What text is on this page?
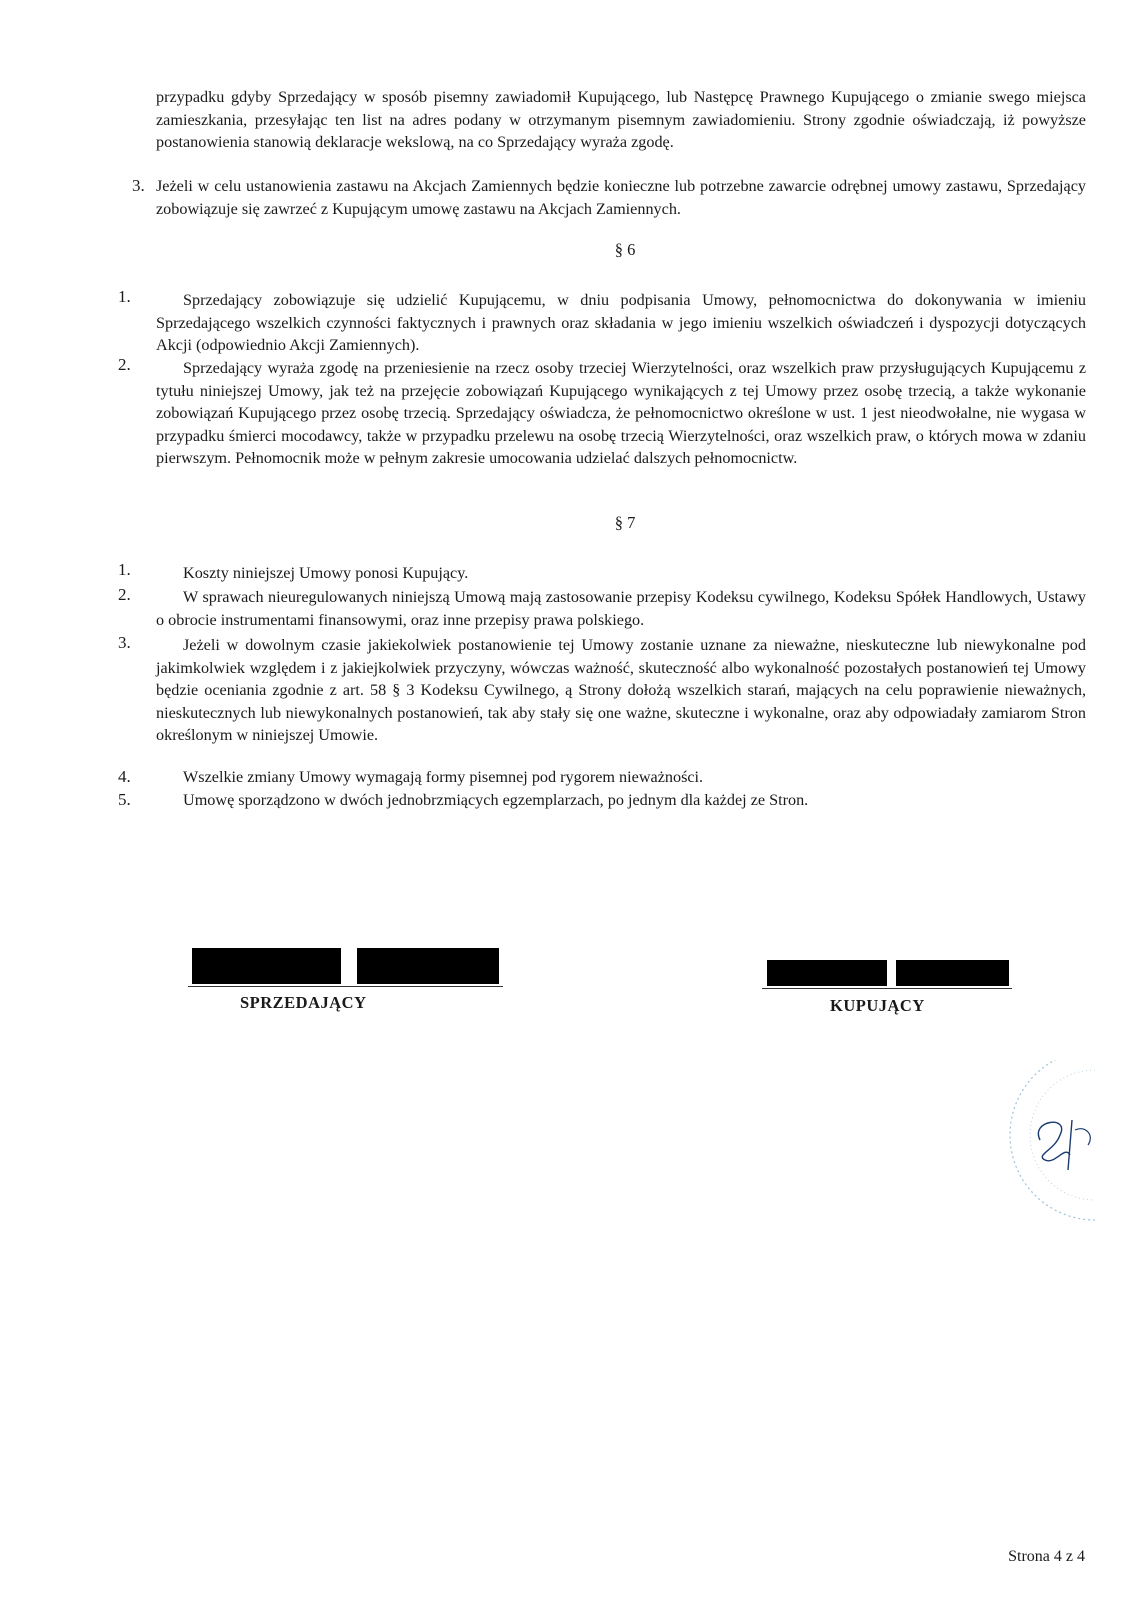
przypadku gdyby Sprzedający w sposób pisemny zawiadomił Kupującego, lub Następcę Prawnego Kupującego o zmianie swego miejsca zamieszkania, przesyłając ten list na adres podany w otrzymanym pisemnym zawiadomieniu. Strony zgodnie oświadczają, iż powyższe postanowienia stanowią deklaracje wekslową, na co Sprzedający wyraża zgodę.
3. Jeżeli w celu ustanowienia zastawu na Akcjach Zamiennych będzie konieczne lub potrzebne zawarcie odrębnej umowy zastawu, Sprzedający zobowiązuje się zawrzeć z Kupującym umowę zastawu na Akcjach Zamiennych.
§ 6
1.	Sprzedający zobowiązuje się udzielić Kupującemu, w dniu podpisania Umowy, pełnomocnictwa do dokonywania w imieniu Sprzedającego wszelkich czynności faktycznych i prawnych oraz składania w jego imieniu wszelkich oświadczeń i dyspozycji dotyczących Akcji (odpowiednio Akcji Zamiennych).
2.	Sprzedający wyraża zgodę na przeniesienie na rzecz osoby trzeciej Wierzytelności, oraz wszelkich praw przysługujących Kupującemu z tytułu niniejszej Umowy, jak też na przejęcie zobowiązań Kupującego wynikających z tej Umowy przez osobę trzecią, a także wykonanie zobowiązań Kupującego przez osobę trzecią. Sprzedający oświadcza, że pełnomocnictwo określone w ust. 1 jest nieodwołalne, nie wygasa w przypadku śmierci mocodawcy, także w przypadku przelewu na osobę trzecią Wierzytelności, oraz wszelkich praw, o których mowa w zdaniu pierwszym. Pełnomocnik może w pełnym zakresie umocowania udzielać dalszych pełnomocnictw.
§ 7
1.	Koszty niniejszej Umowy ponosi Kupujący.
2.	W sprawach nieuregulowanych niniejszą Umową mają zastosowanie przepisy Kodeksu cywilnego, Kodeksu Spółek Handlowych, Ustawy o obrocie instrumentami finansowymi, oraz inne przepisy prawa polskiego.
3.	Jeżeli w dowolnym czasie jakiekolwiek postanowienie tej Umowy zostanie uznane za nieważne, nieskuteczne lub niewykonalne pod jakimkolwiek względem i z jakiejkolwiek przyczyny, wówczas ważność, skuteczność albo wykonalność pozostałych postanowień tej Umowy będzie oceniania zgodnie z art. 58 § 3 Kodeksu Cywilnego, ą Strony dołożą wszelkich starań, mających na celu poprawienie nieważnych, nieskutecznych lub niewykonalnych postanowień, tak aby stały się one ważne, skuteczne i wykonalne, oraz aby odpowiadały zamiarom Stron określonym w niniejszej Umowie.
4.	Wszelkie zmiany Umowy wymagają formy pisemnej pod rygorem nieważności.
5.	Umowę sporządzono w dwóch jednobrzmiących egzemplarzach, po jednym dla każdej ze Stron.
SPRZEDAJĄCY	KUPUJĄCY
Strona 4 z 4
